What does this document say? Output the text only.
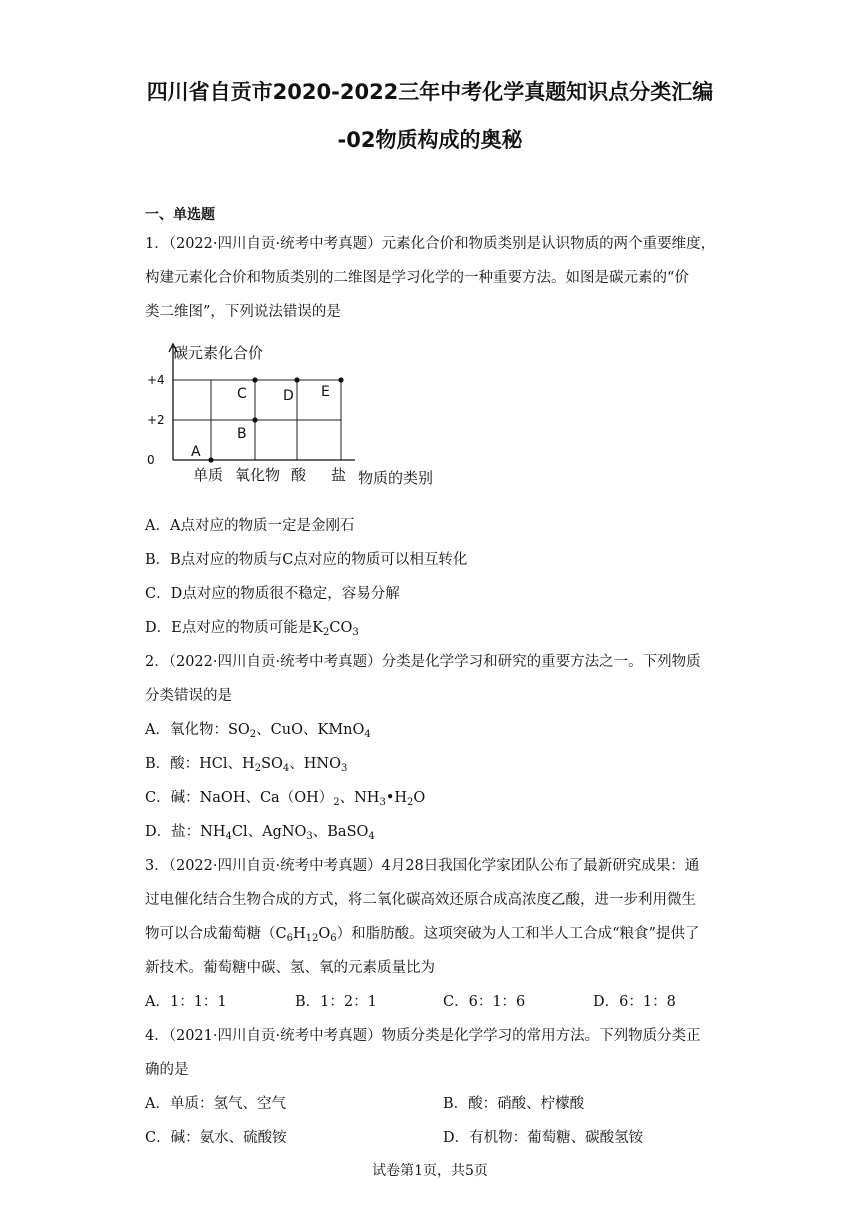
四川省自贡市2020-2022三年中考化学真题知识点分类汇编
-02物质构成的奥秘
一、单选题
1．（2022·四川自贡·统考中考真题）元素化合价和物质类别是认识物质的两个重要维度，
构建元素化合价和物质类别的二维图是学习化学的一种重要方法。如图是碳元素的“价
类二维图”，下列说法错误的是
碳元素化合价
物质的类别
+4
+2
0
单质 氧化物 酸 盐
A
B
C	D E
A．A点对应的物质一定是金刚石
B．B点对应的物质与C点对应的物质可以相互转化
C．D点对应的物质很不稳定，容易分解
D．E点对应的物质可能是$K_2CO_3$
2．（2022·四川自贡·统考中考真题）分类是化学学习和研究的重要方法之一。下列物质
分类错误的是
A．氧化物：$SO_2$、CuO、KMnO$_4$
B．酸：HCl、$H_2SO_4$、$HNO_3$
C．碱：NaOH、$Ca(OH)_2$、$NH_3•H_2O$
D．盐：$NH_4Cl$、AgNO$_3$、BaSO$_4$
3．（2022·四川自贡·统考中考真题）4月28日我国化学家团队公布了最新研究成果：通
过电催化结合生物合成的方式，将二氧化碳高效还原合成高浓度乙酸，进一步利用微生
物可以合成葡萄糖$(C_6H_{12}O_6)$和脂肪酸。这项突破为人工和半人工合成“粮食”提供了
新技术。葡萄糖中碳、氢、氧的元素质量比为
A．1：1：1	B．1：2：1	C．6：1：6	D．6：1：8
4．（2021·四川自贡·统考中考真题）物质分类是化学学习的常用方法。下列物质分类正
确的是
A．单质：氢气、空气	B．酸：硝酸、柠檬酸
C．碱：氨水、硫酸铵	D．有机物：葡萄糖、碳酸氢铵
试卷第1页，共5页
